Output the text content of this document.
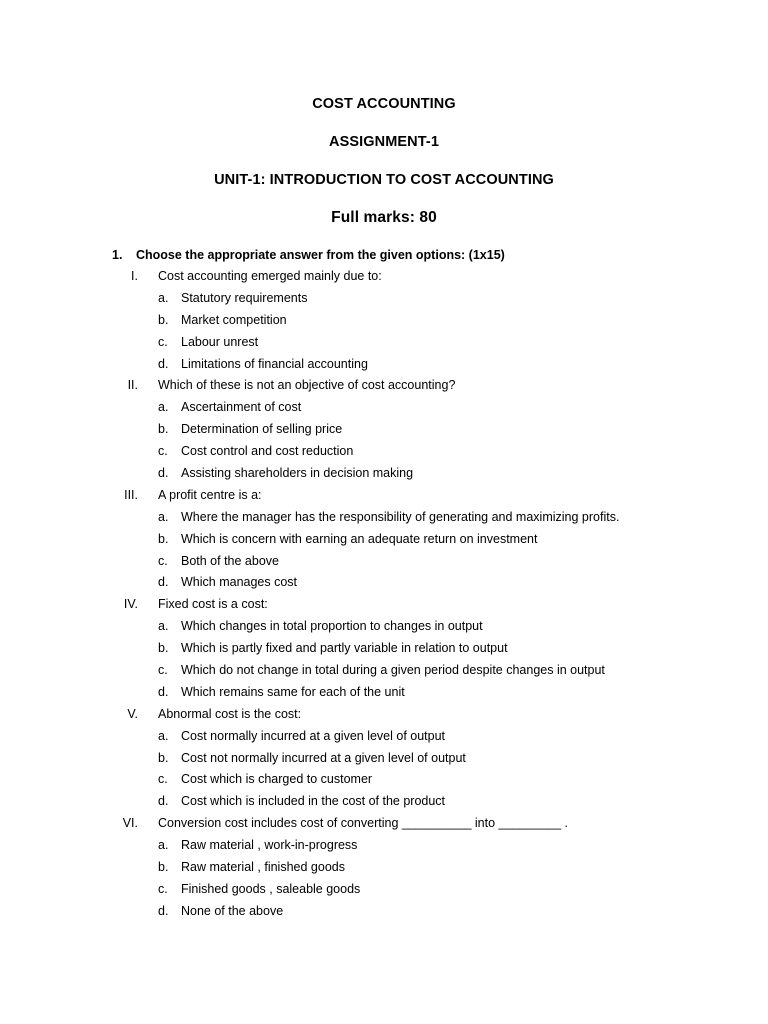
COST ACCOUNTING
ASSIGNMENT-1
UNIT-1: INTRODUCTION TO COST ACCOUNTING
Full marks: 80
1. Choose the appropriate answer from the given options: (1x15)
I. Cost accounting emerged mainly due to:
a. Statutory requirements
b. Market competition
c. Labour unrest
d. Limitations of financial accounting
II. Which of these is not an objective of cost accounting?
a. Ascertainment of cost
b. Determination of selling price
c. Cost control and cost reduction
d. Assisting shareholders in decision making
III. A profit centre is a:
a. Where the manager has the responsibility of generating and maximizing profits.
b. Which is concern with earning an adequate return on investment
c. Both of the above
d. Which manages cost
IV. Fixed cost is a cost:
a. Which changes in total proportion to changes in output
b. Which is partly fixed and partly variable in relation to output
c. Which do not change in total during a given period despite changes in output
d. Which remains same for each of the unit
V. Abnormal cost is the cost:
a. Cost normally incurred at a given level of output
b. Cost not normally incurred at a given level of output
c. Cost which is charged to customer
d. Cost which is included in the cost of the product
VI. Conversion cost includes cost of converting __________ into _________ .
a. Raw material , work-in-progress
b. Raw material , finished goods
c. Finished goods , saleable goods
d. None of the above
